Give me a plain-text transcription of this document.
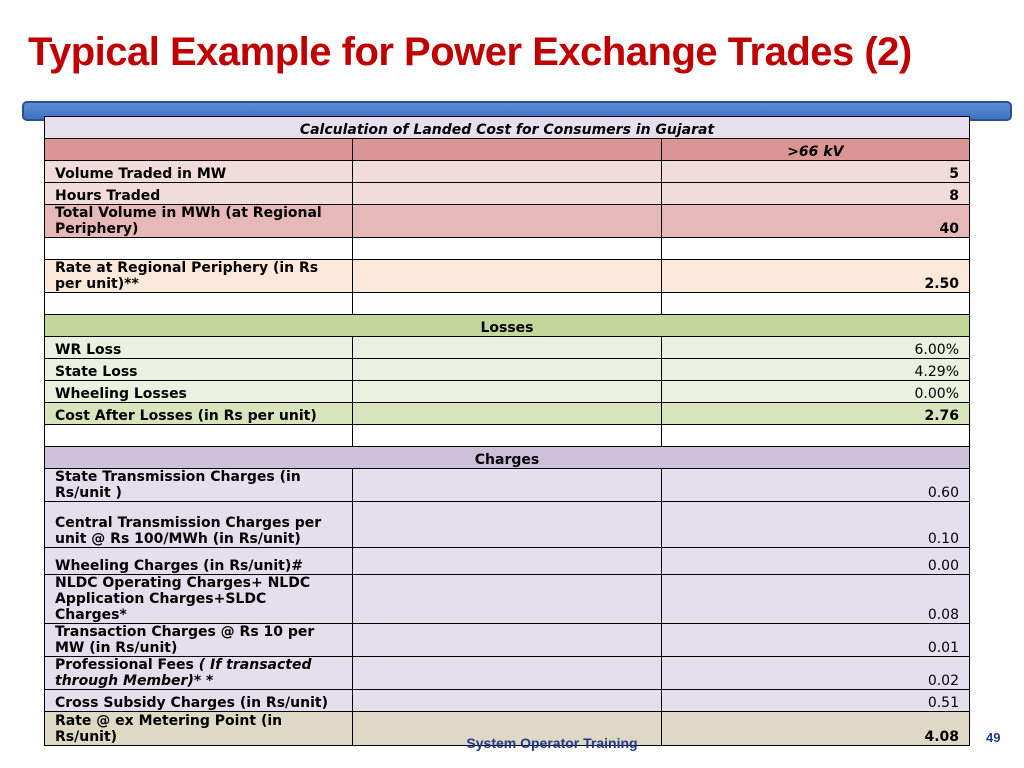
Typical Example for Power Exchange Trades (2)
Calculation of Landed Cost for Consumers in Gujarat		
		>66 kV
Volume Traded in MW		5
Hours Traded		8
Total Volume in MWh (at Regional Periphery)		40

Rate at Regional Periphery (in Rs per unit)**		2.50

Losses		
WR Loss		6.00%
State Loss		4.29%
Wheeling Losses		0.00%
Cost After Losses (in Rs per unit)		2.76

Charges		
State Transmission Charges (in Rs/unit )		0.60
Central Transmission Charges per unit @ Rs 100/MWh (in Rs/unit)		0.10
Wheeling Charges (in Rs/unit)#		0.00
NLDC Operating Charges+ NLDC Application Charges+SLDC Charges*		0.08
Transaction Charges @ Rs 10 per MW (in Rs/unit)		0.01
Professional Fees ( If transacted through Member)* *		0.02
Cross Subsidy Charges (in Rs/unit)		0.51
Rate @ ex Metering Point (in Rs/unit)		4.08
System Operator Training	49
